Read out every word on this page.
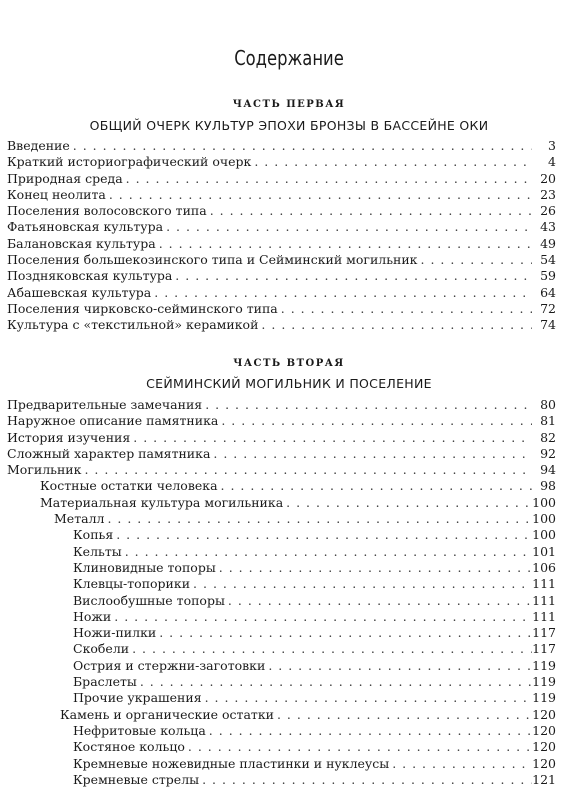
Содержание
ЧАСТЬ ПЕРВАЯ
ОБЩИЙ ОЧЕРК КУЛЬТУР ЭПОХИ БРОНЗЫ В БАССЕЙНЕ ОКИ
Введение . . .	3
Краткий историографический очерк . . .	4
Природная среда . . .	20
Конец неолита . . .	23
Поселения волосовского типа . . .	26
Фатьяновская культура . . .	43
Балановская культура . . .	49
Поселения большекозинского типа и Сейминский могильник . . .	54
Поздняковская культура . . .	59
Абашевская культура . . .	64
Поселения чирковско-сейминского типа . . .	72
Культура с «текстильной» керамикой . . .	74
ЧАСТЬ ВТОРАЯ
СЕЙМИНСКИЙ МОГИЛЬНИК И ПОСЕЛЕНИЕ
Предварительные замечания . . .	80
Наружное описание памятника . . .	81
История изучения . . .	82
Сложный характер памятника . . .	92
Могильник . . .	94
Костные остатки человека . . .	98
Материальная культура могильника . . .	100
Металл . . .	100
Копья . . .	100
Кельты . . .	101
Клиновидные топоры . . .	106
Клевцы-топорики . . .	111
Вислообушные топоры . . .	111
Ножи . . .	111
Ножи-пилки . . .	117
Скобели . . .	117
Острия и стержни-заготовки . . .	119
Браслеты . . .	119
Прочие украшения . . .	119
Камень и органические остатки . . .	120
Нефритовые кольца . . .	120
Костяное кольцо . . .	120
Кремневые ножевидные пластинки и нуклеусы . . .	120
Кремневые стрелы . . .	121
